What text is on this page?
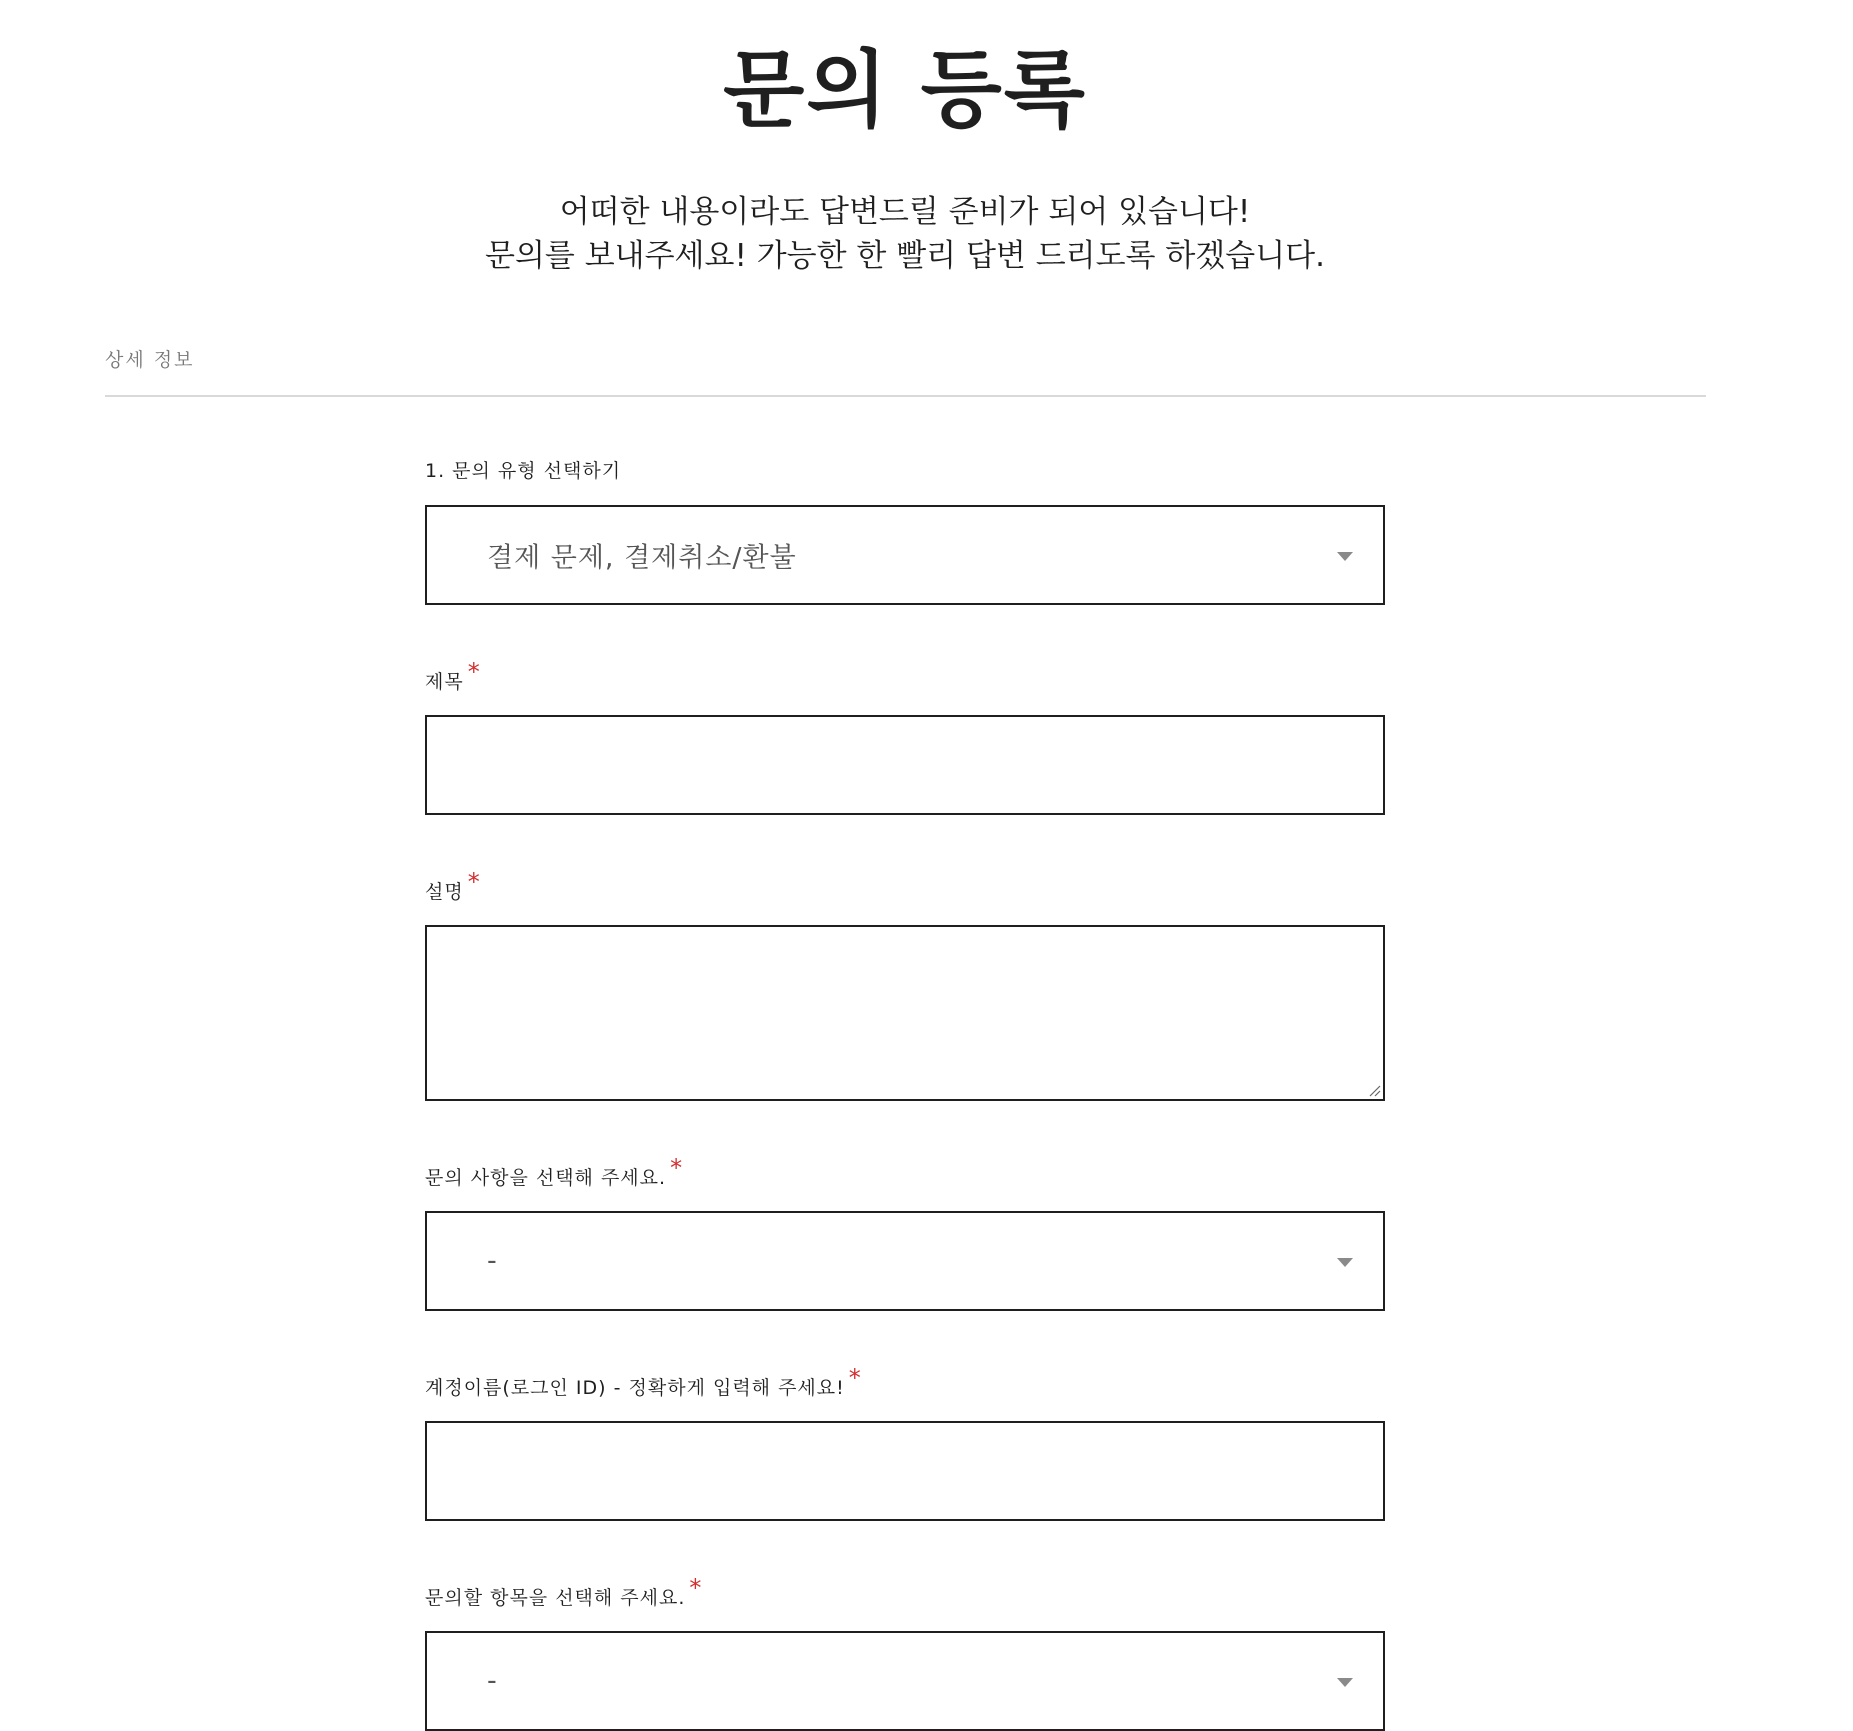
문의 등록
어떠한 내용이라도 답변드릴 준비가 되어 있습니다!
문의를 보내주세요! 가능한 한 빨리 답변 드리도록 하겠습니다.
상세 정보
1. 문의 유형 선택하기
결제 문제, 결제취소/환불
제목 *
설명 *
문의 사항을 선택해 주세요. *
-
계정이름(로그인 ID) - 정확하게 입력해 주세요! *
문의할 항목을 선택해 주세요. *
-
